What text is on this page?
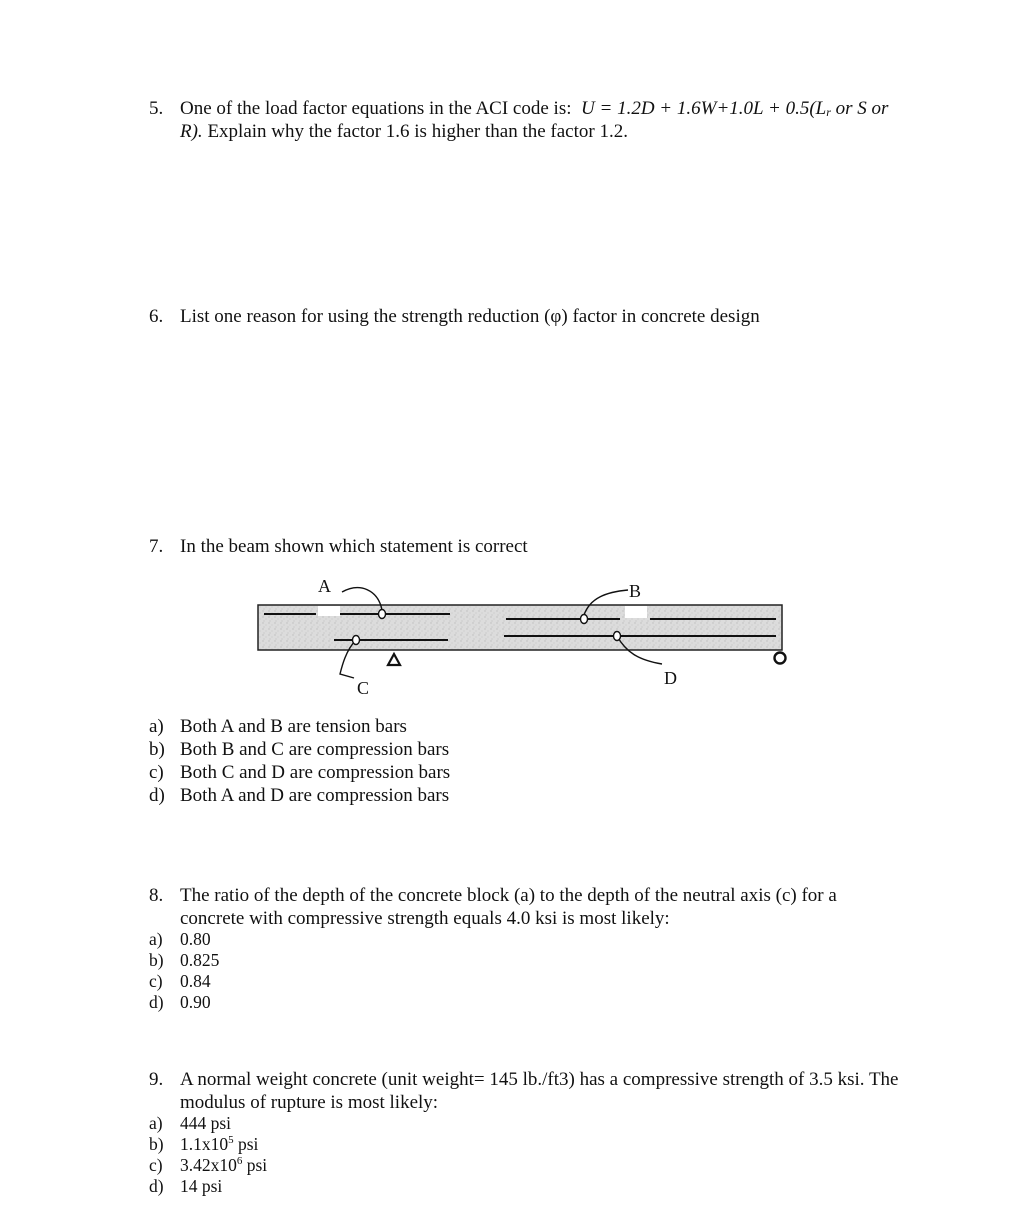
5. One of the load factor equations in the ACI code is: $U = 1.2D + 1.6W+1.0L + 0.5(L_r$ or S or
R). Explain why the factor 1.6 is higher than the factor 1.2.
6. List one reason for using the strength reduction (φ) factor in concrete design
7. In the beam shown which statement is correct
A	B
C	D
a) Both A and B are tension bars
b) Both B and C are compression bars
c) Both C and D are compression bars
d) Both A and D are compression bars
8. The ratio of the depth of the concrete block (a) to the depth of the neutral axis (c) for a concrete with compressive strength equals 4.0 ksi is most likely:
a) 0.80
b) 0.825
c) 0.84
d) 0.90
9. A normal weight concrete (unit weight= 145 lb./ft3) has a compressive strength of 3.5 ksi. The modulus of rupture is most likely:
a) 444 psi
b) $1.1x10^5$ psi
c) $3.42x10^6$ psi
d) 14 psi
